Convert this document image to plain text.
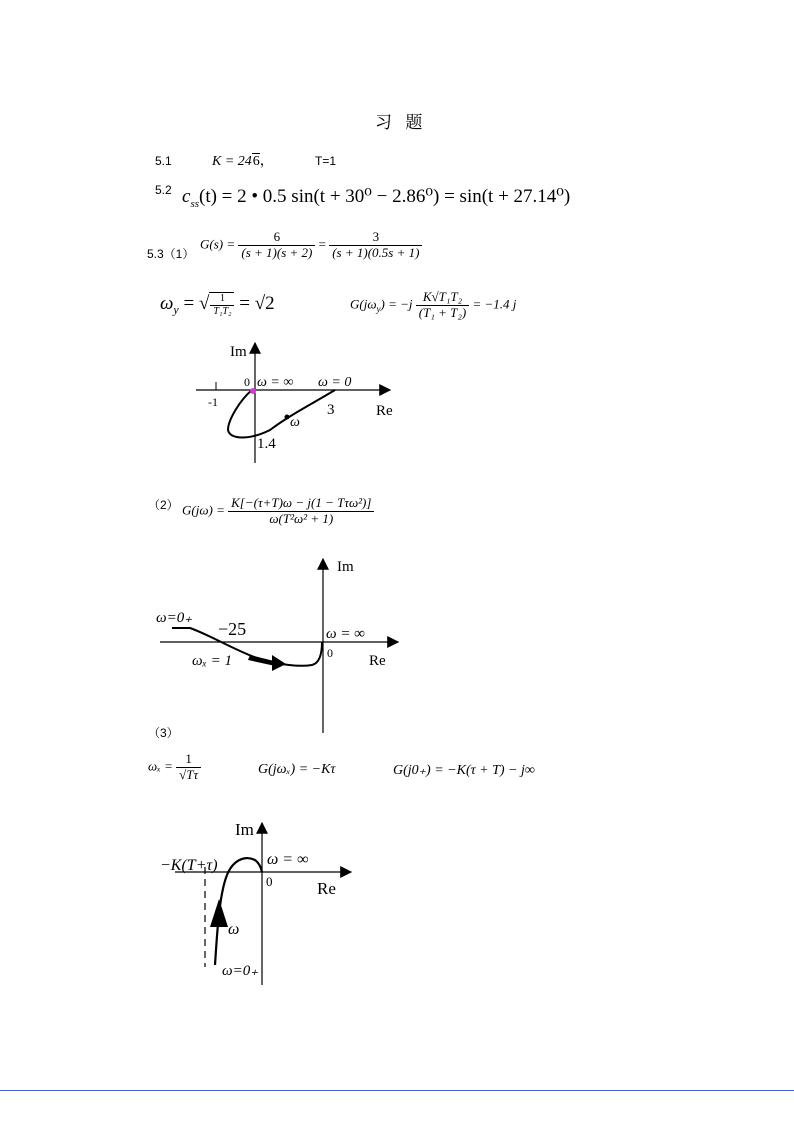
习 题
5.1	K = 246，	T=1
5.2 $c_{ss}(t) = 2$ • 0.5 sin(t + 30⁰ − 2.86⁰) = sin(t + 27.14⁰)
5.3（1）
$G(s) = \frac{6}{(s + 1)(s + 2)} = \frac{3}{(s + 1)(0.5s + 1)}$
$\omega_y$ = √ $\frac{1}{\text{T₁T₂}} = √2$	$G(j\omega_y) = -j \frac{\text{K√T₁T₂}}{\text{(T₁ + T₂)}} = -1.4$ j
Im
Re
0
-1	3
ω = ∞ ω = 0
ω
1.4
（2） $G(j\omega) = \frac{\text{K[−(τ+T)ω − j(1 − Tτω²)]}}{\text{ω(T²ω² + 1)}}$
Im
Re
0
ω=0₊
−25
ωₓ = 1
ω = ∞
（3）
$\omega_x = \frac{1}{√T\tau}$	G(jωₓ) = −Kτ	G(j0₊) = −K(τ + T) − j∞
Im
Re
0
−K(T+τ)	ω = ∞
ω
ω=0₊
